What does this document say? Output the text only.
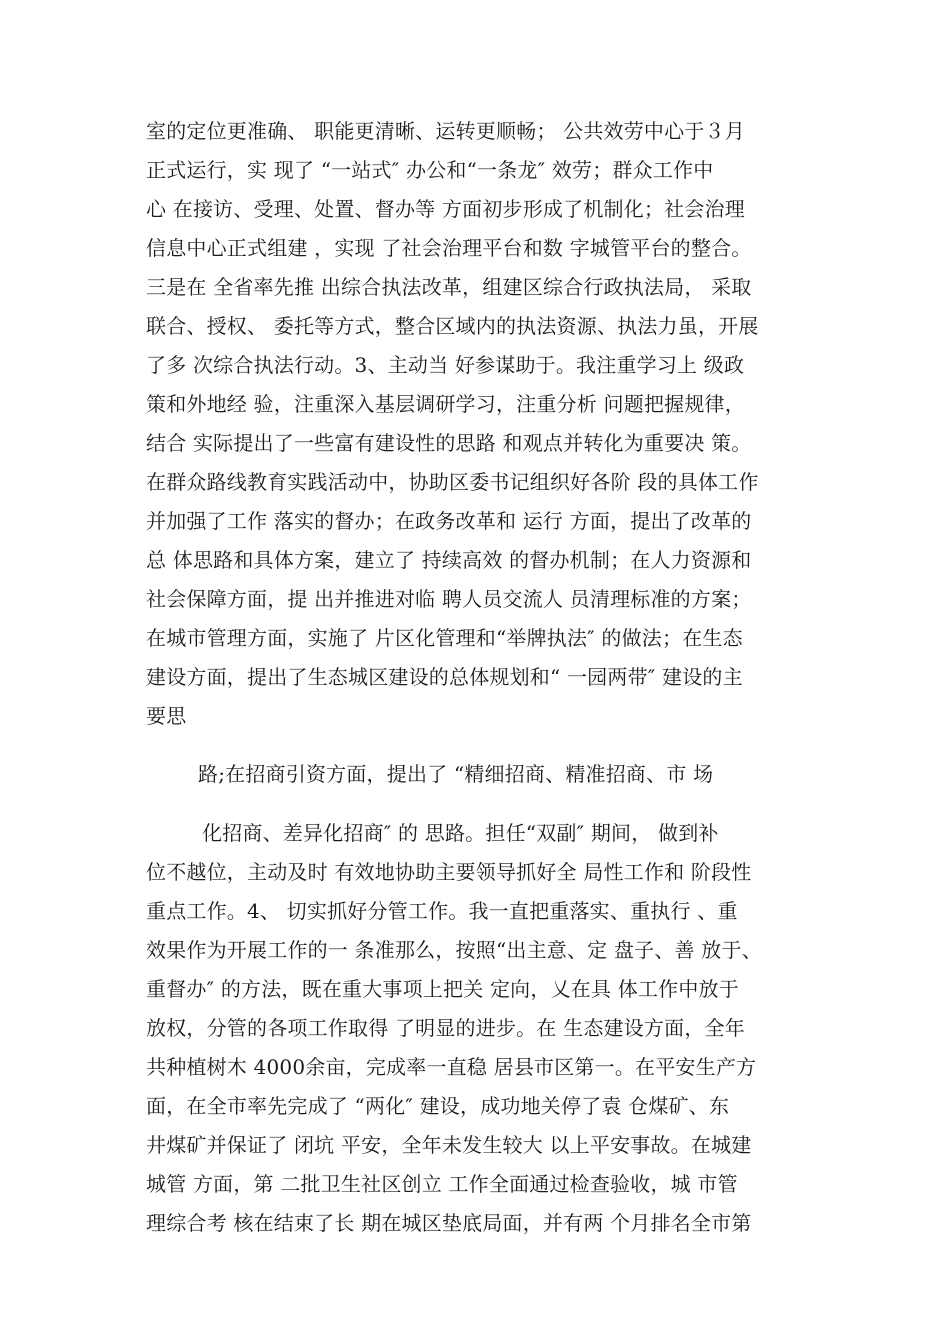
室的定位更准确、 职能更清晰、运转更顺畅； 公共效劳中心于３月
正式运行，实 现了 “一站式″ 办公和“一条龙″ 效劳；群众工作中
心 在接访、受理、处置、督办等 方面初步形成了机制化；社会治理
信息中心正式组建 ，实现 了社会治理平台和数 字城管平台的整合。
三是在 全省率先推 出综合执法改革，组建区综合行政执法局， 采取
联合、授权、 委托等方式，整合区域内的执法资源、执法力虽，开展
了多 次综合执法行动。3、主动当 好参谋助于。我注重学习上 级政
策和外地经 验，注重深入基层调研学习，注重分析 问题把握规律，
结合 实际提出了一些富有建设性的思路 和观点并转化为重要决 策。
在群众路线教育实践活动中，协助区委书记组织好各阶 段的具体工作
并加强了工作 落实的督办；在政务改革和 运行 方面，提出了改革的
总 体思路和具体方案，建立了 持续高效 的督办机制；在人力资源和
社会保障方面，提 出并推进对临 聘人员交流人 员清理标准的方案；
在城市管理方面，实施了 片区化管理和“举牌执法″ 的做法；在生态
建设方面，提出了生态城区建设的总体规划和“ 一园两带″ 建设的主
要思
路;在招商引资方面，提出了 “精细招商、精准招商、市 场
化招商、差异化招商″ 的 思路。担任“双副″ 期间， 做到补
位不越位，主动及时 有效地协助主要领导抓好全 局性工作和 阶段性
重点工作。4、 切实抓好分管工作。我一直把重落实、重执行 、重
效果作为开展工作的一 条准那么，按照“出主意、定 盘子、善 放于、
重督办″ 的方法，既在重大事项上把关 定向，乂在具 体工作中放于
放权，分管的各项工作取得 了明显的进步。在 生态建设方面，全年
共种植树木 4000余亩，完成率一直稳 居县市区第一。在平安生产方
面，在全市率先完成了 “两化″ 建设，成功地关停了袁 仓煤矿、东
井煤矿并保证了 闭坑 平安，全年未发生较大 以上平安事故。在城建
城管 方面，第 二批卫生社区创立 工作全面通过检查验收，城 市管
理综合考 核在结束了长 期在城区垫底局面，并有两 个月排名全市第
